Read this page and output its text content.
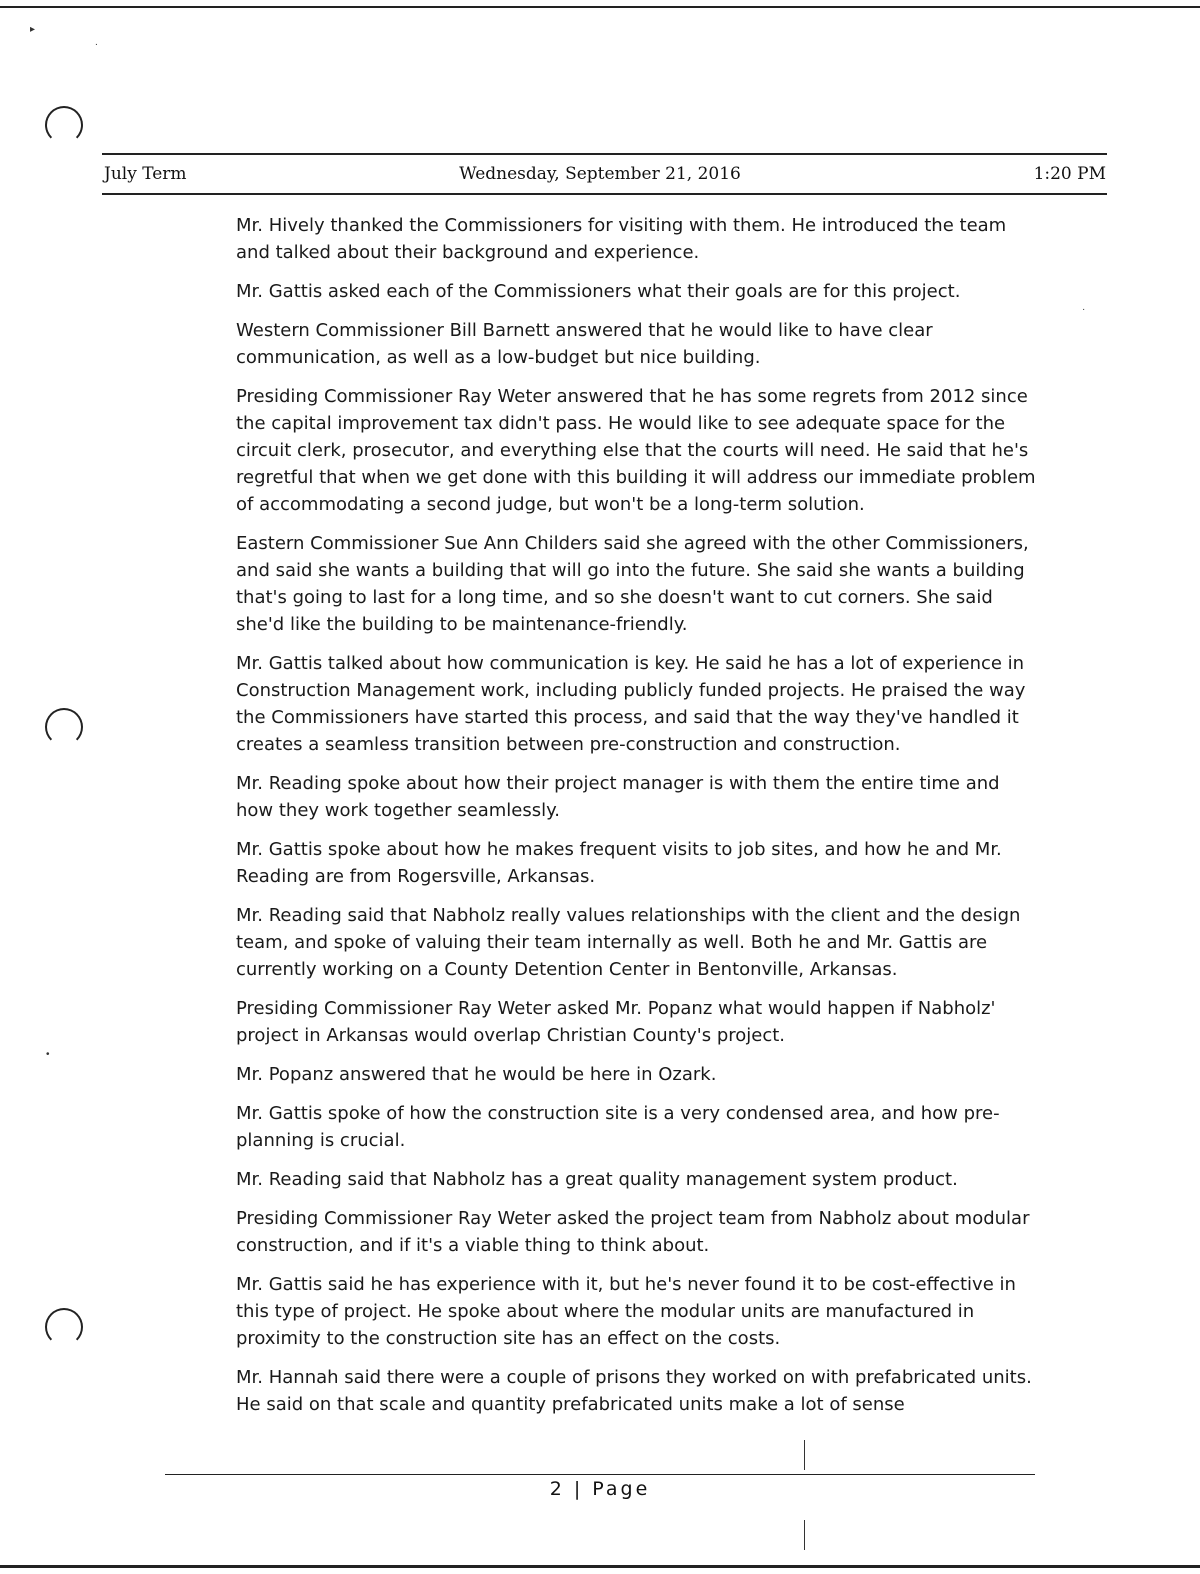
▸
.
•
·
July Term	Wednesday, September 21, 2016	1:20 PM

Mr. Hively thanked the Commissioners for visiting with them. He introduced the team and talked about their background and experience.

Mr. Gattis asked each of the Commissioners what their goals are for this project.

Western Commissioner Bill Barnett answered that he would like to have clear communication, as well as a low-budget but nice building.

Presiding Commissioner Ray Weter answered that he has some regrets from 2012 since the capital improvement tax didn't pass. He would like to see adequate space for the circuit clerk, prosecutor, and everything else that the courts will need. He said that he's regretful that when we get done with this building it will address our immediate problem of accommodating a second judge, but won't be a long-term solution.

Eastern Commissioner Sue Ann Childers said she agreed with the other Commissioners, and said she wants a building that will go into the future. She said she wants a building that's going to last for a long time, and so she doesn't want to cut corners. She said she'd like the building to be maintenance-friendly.

Mr. Gattis talked about how communication is key. He said he has a lot of experience in Construction Management work, including publicly funded projects. He praised the way the Commissioners have started this process, and said that the way they've handled it creates a seamless transition between pre-construction and construction.

Mr. Reading spoke about how their project manager is with them the entire time and how they work together seamlessly.

Mr. Gattis spoke about how he makes frequent visits to job sites, and how he and Mr. Reading are from Rogersville, Arkansas.

Mr. Reading said that Nabholz really values relationships with the client and the design team, and spoke of valuing their team internally as well. Both he and Mr. Gattis are currently working on a County Detention Center in Bentonville, Arkansas.

Presiding Commissioner Ray Weter asked Mr. Popanz what would happen if Nabholz' project in Arkansas would overlap Christian County's project.

Mr. Popanz answered that he would be here in Ozark.

Mr. Gattis spoke of how the construction site is a very condensed area, and how pre-planning is crucial.

Mr. Reading said that Nabholz has a great quality management system product.

Presiding Commissioner Ray Weter asked the project team from Nabholz about modular construction, and if it's a viable thing to think about.

Mr. Gattis said he has experience with it, but he's never found it to be cost-effective in this type of project. He spoke about where the modular units are manufactured in proximity to the construction site has an effect on the costs.

Mr. Hannah said there were a couple of prisons they worked on with prefabricated units. He said on that scale and quantity prefabricated units make a lot of sense

2 | Page
